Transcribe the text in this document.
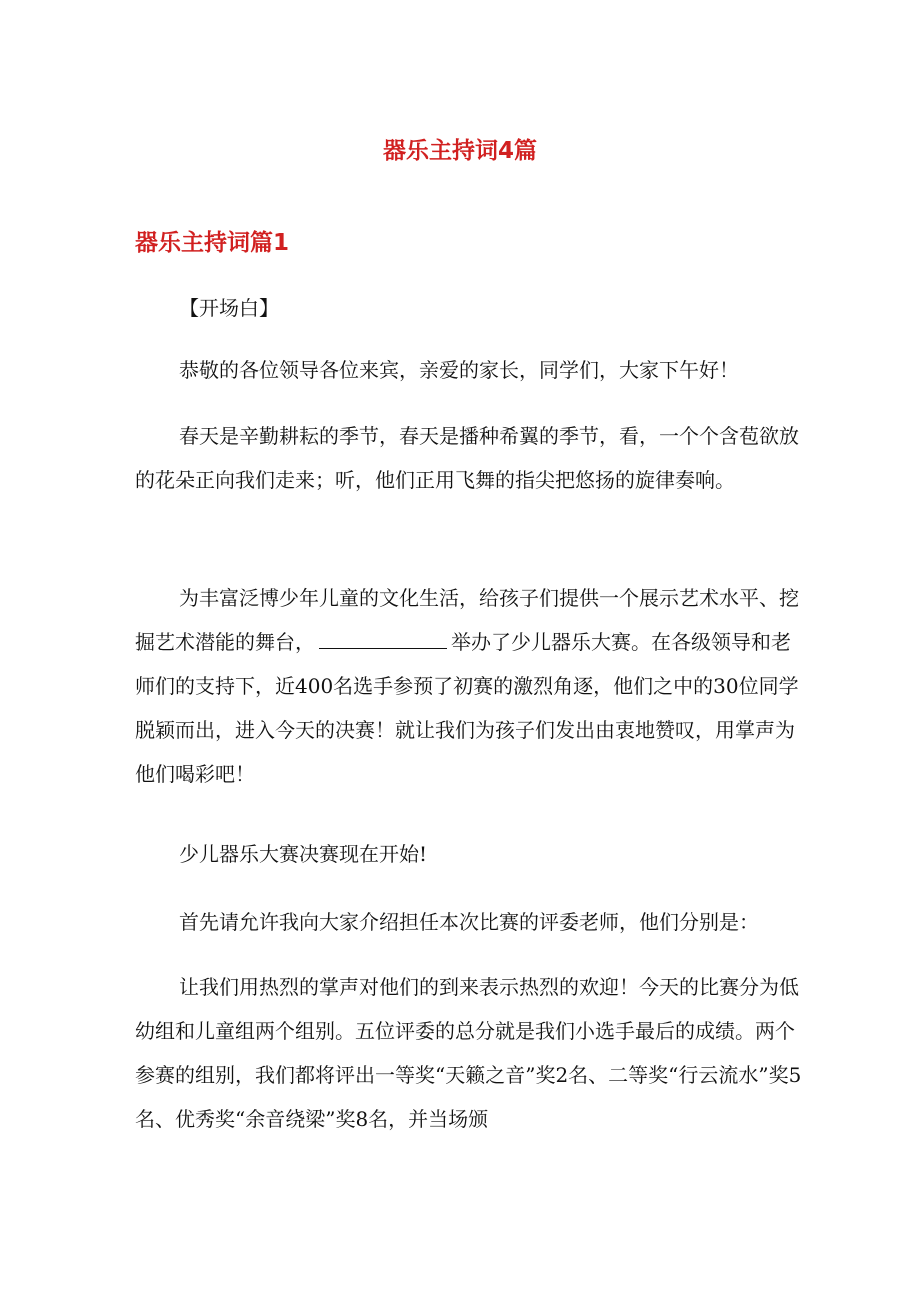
器乐主持词4篇
器乐主持词篇1

【开场白】

恭敬的各位领导各位来宾，亲爱的家长，同学们，大家下午好！

春天是辛勤耕耘的季节，春天是播种希翼的季节，看，一个个含苞欲放的花朵正向我们走来；听，他们正用飞舞的指尖把悠扬的旋律奏响。

为丰富泛博少年儿童的文化生活，给孩子们提供一个展示艺术水平、挖掘艺术潜能的舞台，	举办了少儿器乐大赛。在各级领导和老师们的支持下，近400名选手参预了初赛的激烈角逐，他们之中的30位同学脱颖而出，进入今天的决赛！就让我们为孩子们发出由衷地赞叹，用掌声为他们喝彩吧！

少儿器乐大赛决赛现在开始!

首先请允许我向大家介绍担任本次比赛的评委老师，他们分别是：

让我们用热烈的掌声对他们的到来表示热烈的欢迎！今天的比赛分为低幼组和儿童组两个组别。五位评委的总分就是我们小选手最后的成绩。两个参赛的组别，我们都将评出一等奖“天籁之音”奖2名、二等奖“行云流水”奖5名、优秀奖“余音绕梁”奖8名，并当场颁
